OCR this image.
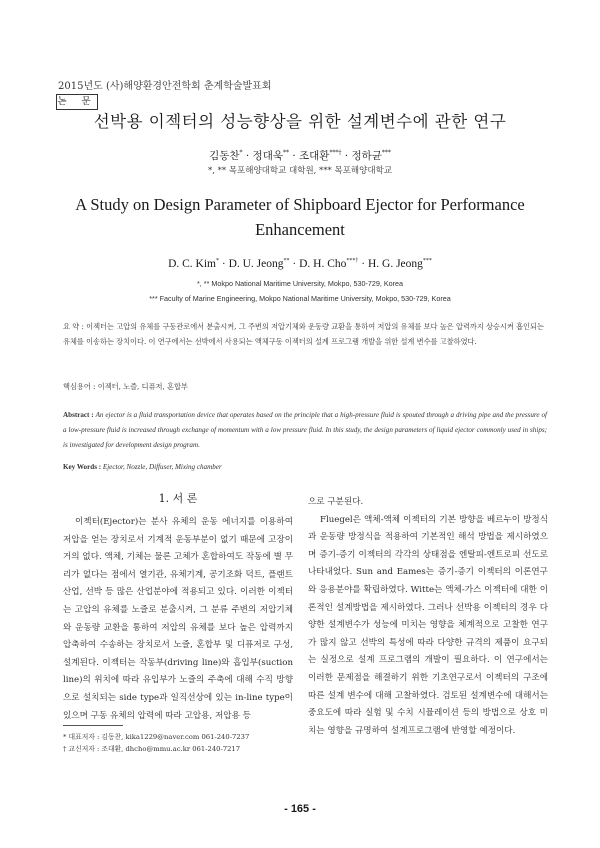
2015년도 (사)해양환경안전학회 춘계학술발표회
논 문
선박용 이젝터의 성능향상을 위한 설계변수에 관한 연구
김동찬* · 정대욱** · 조대환***† · 정하균***
*, ** 목포해양대학교 대학원, *** 목포해양대학교
A Study on Design Parameter of Shipboard Ejector for Performance Enhancement
D. C. Kim* · D. U. Jeong** · D. H. Cho***† · H. G. Jeong***
*, ** Mokpo National Maritime University, Mokpo, 530-729, Korea
*** Faculty of Marine Engineering, Mokpo National Maritime University, Mokpo, 530-729, Korea
요 약 : 이젝터는 고압의 유체를 구동관로에서 분출시켜, 그 주변의 저압기체와 운동량 교환을 통하여 저압의 유체를 보다 높은 압력까지 상승시켜 흡인되는 유체를 이송하는 장치이다. 이 연구에서는 선박에서 사용되는 액체구동 이젝터의 설계 프로그램 개발을 위한 설계 변수를 고찰하였다.
핵심용어 : 이젝터, 노즐, 디퓨저, 혼합부
Abstract : An ejector is a fluid transportation device that operates based on the principle that a high-pressure fluid is spouted through a driving pipe and the pressure of a low-pressure fluid is increased through exchange of momentum with a low pressure fluid. In this study, the design parameters of liquid ejector commonly used in ships; is investigated for development design program.
Key Words : Ejector, Nozzle, Diffuser, Mixing chamber
1. 서 론

이젝터(Ejector)는 분사 유체의 운동 에너지를 이용하여 저압을 얻는 장치로서 기계적 운동부분이 없기 때문에 고장이 거의 없다. 액체, 기체는 물론 고체가 혼합하여도 작동에 별 무리가 없다는 점에서 열기관, 유체기계, 공기조화 덕트, 플랜트산업, 선박 등 많은 산업분야에 적용되고 있다. 이러한 이젝터는 고압의 유체를 노즐로 분출시켜, 그 분류 주변의 저압기체와 운동량 교환을 통하여 저압의 유체를 보다 높은 압력까지 압축하여 수송하는 장치로서 노즐, 혼합부 및 디퓨저로 구성, 설계된다. 이젝터는 작동부(driving line)와 흡입부(suction line)의 위치에 따라 유입부가 노즐의 주축에 대해 수직 방향으로 설치되는 side type과 일직선상에 있는 in-line type이 있으며 구동 유체의 압력에 따라 고압용, 저압용 등

으로 구분된다.

Fluegel은 액체-액체 이젝터의 기본 방향을 베르누이 방정식과 운동량 방정식을 적용하여 기본적인 해석 방법을 제시하였으며 증기-증기 이젝터의 각각의 상태점을 엔탈피-엔트로피 선도로 나타내었다. Sun and Eames는 증기-증기 이젝터의 이론연구와 응용분야를 확립하였다. Witte는 액체-가스 이젝터에 대한 이론적인 설계방법을 제시하였다. 그러나 선박용 이젝터의 경우 다양한 설계변수가 성능에 미치는 영향을 체계적으로 고찰한 연구가 많지 않고 선박의 특성에 따라 다양한 규격의 제품이 요구되는 실정으로 설계 프로그램의 개발이 필요하다. 이 연구에서는 이러한 문제점을 해결하기 위한 기초연구로서 이젝터의 구조에 따른 설계 변수에 대해 고찰하였다. 검토된 설계변수에 대해서는 중요도에 따라 실험 및 수치 시뮬레이션 등의 방법으로 상호 미치는 영향을 규명하여 설계프로그램에 반영할 예정이다.

* 대표저자 : 김동찬, kika1229@naver.com 061-240-7237
† 교신저자 : 조대환, dhcho@mmu.ac.kr 061-240-7217
- 165 -
